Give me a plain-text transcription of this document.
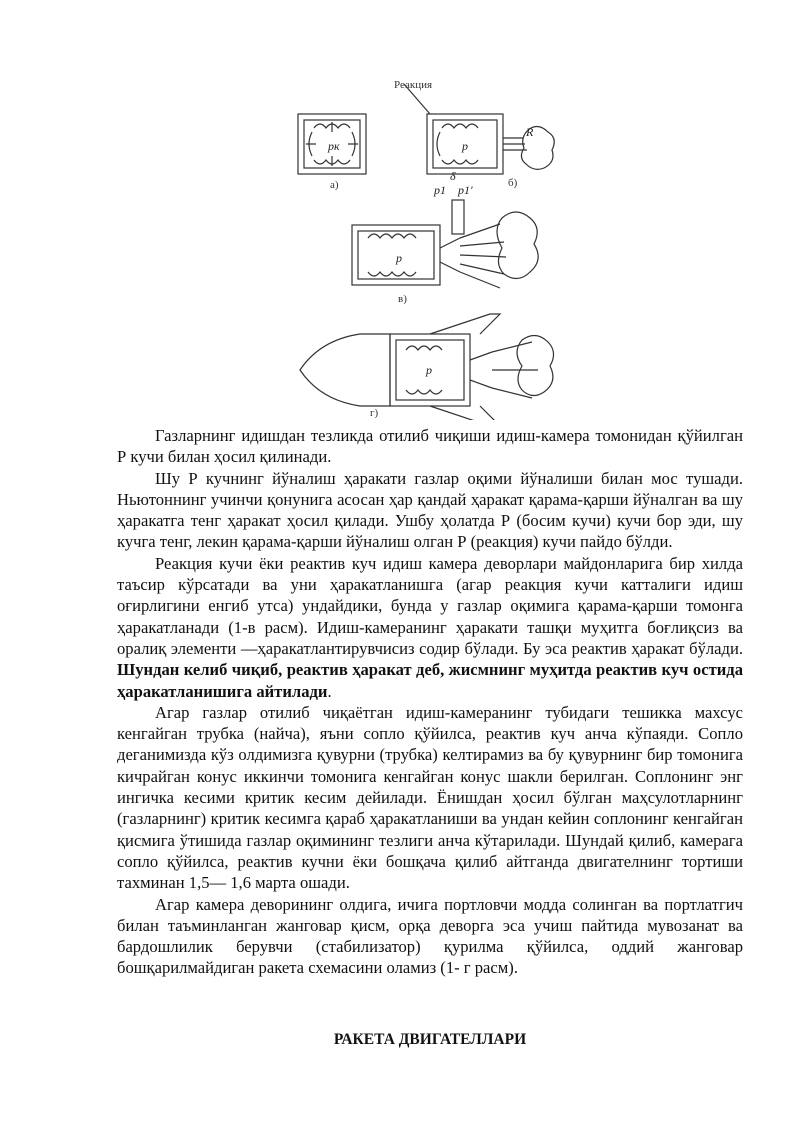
Реакция
pк	p
R
δ
p1 p1'
p
p
а)	б)
в)
г)

Газларнинг идишдан тезликда отилиб чиқиши идиш-камера томонидан қўйилган Р кучи билан ҳосил қилинади.

Шу Р кучнинг йўналиш ҳаракати газлар оқими йўналиши билан мос тушади. Ньютоннинг учинчи қонунига асосан ҳар қандай ҳаракат қарама-қарши йўналган ва шу ҳаракатга тенг ҳаракат ҳосил қилади. Ушбу ҳолатда Р (босим кучи) кучи бор эди, шу кучга тенг, лекин қарама-қарши йўналиш олган Р (реакция) кучи пайдо бўлди.

Реакция кучи ёки реактив куч идиш камера деворлари майдонларига бир хилда таъсир кўрсатади ва уни ҳаракатланишга (агар реакция кучи катталиги идиш оғирлигини енгиб утса) ундайдики, бунда у газлар оқимига қарама-қарши томонга ҳаракатланади (1-в расм). Идиш-камеранинг ҳаракати ташқи муҳитга боғлиқсиз ва оралиқ элементи —ҳаракатлантирувчисиз содир бўлади. Бу эса реактив ҳаракат бўлади. Шундан келиб чиқиб, реактив ҳаракат деб, жисмнинг муҳитда реактив куч остида ҳаракатланишига айтилади.

Агар газлар отилиб чиқаётган идиш-камеранинг тубидаги тешикка махсус кенгайган трубка (найча), яъни сопло қўйилса, реактив куч анча кўпаяди. Сопло деганимизда кўз олдимизга қувурни (трубка) келтирамиз ва бу қувурнинг бир томонига кичрайган конус иккинчи томонига кенгайган конус шакли берилган. Соплонинг энг ингичка кесими критик кесим дейилади. Ёнишдан ҳосил бўлган маҳсулотларнинг (газларнинг) критик кесимга қараб ҳаракатланиши ва ундан кейин соплонинг кенгайган қисмига ўтишида газлар оқимининг тезлиги анча кўтарилади. Шундай қилиб, камерага сопло қўйилса, реактив кучни ёки бошқача қилиб айтганда двигателнинг тортиши тахминан 1,5— 1,6 марта ошади.

Агар камера деворининг олдига, ичига портловчи модда солинган ва портлатгич билан таъминланган жанговар қисм, орқа деворга эса учиш пайтида мувозанат ва бардошлилик берувчи (стабилизатор) қурилма қўйилса, оддий жанговар бошқарилмайдиган ракета схемасини оламиз (1- г расм).

РАКЕТА ДВИГАТЕЛЛАРИ
